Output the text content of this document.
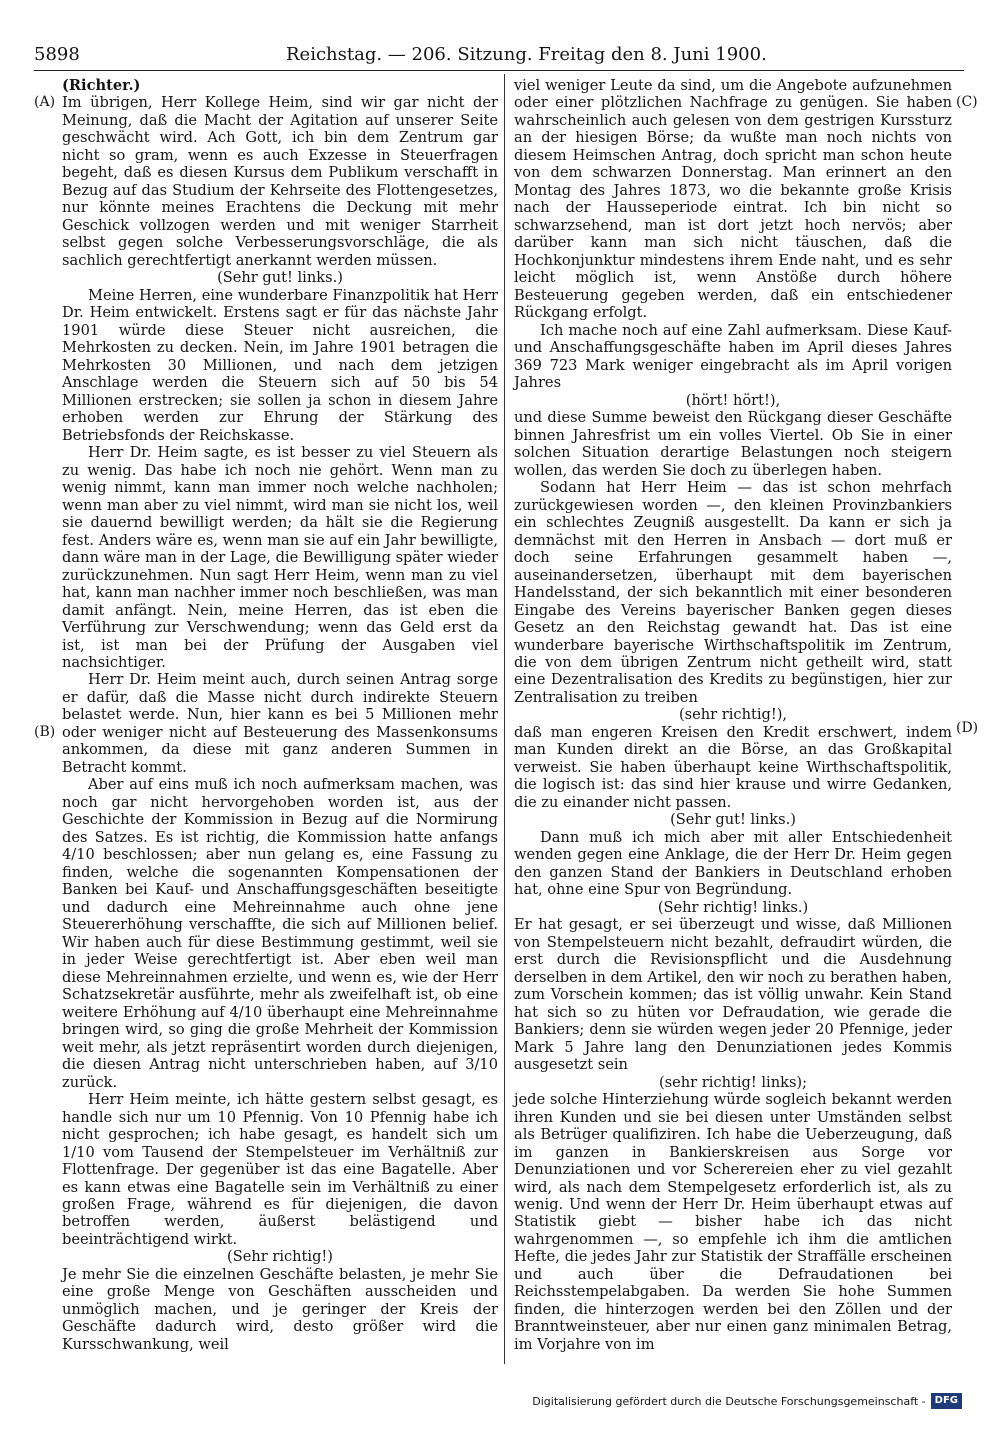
5898	Reichstag. — 206. Sitzung. Freitag den 8. Juni 1900.
(A)
(B)
(C)
(D)

(Richter.)

Im übrigen, Herr Kollege Heim, sind wir gar nicht der Meinung, daß die Macht der Agitation auf unserer Seite geschwächt wird. Ach Gott, ich bin dem Zentrum gar nicht so gram, wenn es auch Exzesse in Steuerfragen begeht, daß es diesen Kursus dem Publikum verschafft in Bezug auf das Studium der Kehrseite des Flottengesetzes, nur könnte meines Erachtens die Deckung mit mehr Geschick vollzogen werden und mit weniger Starrheit selbst gegen solche Verbesserungsvorschläge, die als sachlich gerechtfertigt anerkannt werden müssen.

(Sehr gut! links.)

Meine Herren, eine wunderbare Finanzpolitik hat Herr Dr. Heim entwickelt. Erstens sagt er für das nächste Jahr 1901 würde diese Steuer nicht ausreichen, die Mehrkosten zu decken. Nein, im Jahre 1901 betragen die Mehrkosten 30 Millionen, und nach dem jetzigen Anschlage werden die Steuern sich auf 50 bis 54 Millionen erstrecken; sie sollen ja schon in diesem Jahre erhoben werden zur Ehrung der Stärkung des Betriebsfonds der Reichskasse.

Herr Dr. Heim sagte, es ist besser zu viel Steuern als zu wenig. Das habe ich noch nie gehört. Wenn man zu wenig nimmt, kann man immer noch welche nachholen; wenn man aber zu viel nimmt, wird man sie nicht los, weil sie dauernd bewilligt werden; da hält sie die Regierung fest. Anders wäre es, wenn man sie auf ein Jahr bewilligte, dann wäre man in der Lage, die Bewilligung später wieder zurückzunehmen. Nun sagt Herr Heim, wenn man zu viel hat, kann man nachher immer noch beschließen, was man damit anfängt. Nein, meine Herren, das ist eben die Verführung zur Verschwendung; wenn das Geld erst da ist, ist man bei der Prüfung der Ausgaben viel nachsichtiger.

Herr Dr. Heim meint auch, durch seinen Antrag sorge er dafür, daß die Masse nicht durch indirekte Steuern belastet werde. Nun, hier kann es bei 5 Millionen mehr oder weniger nicht auf Besteuerung des Massenkonsums ankommen, da diese mit ganz anderen Summen in Betracht kommt.

Aber auf eins muß ich noch aufmerksam machen, was noch gar nicht hervorgehoben worden ist, aus der Geschichte der Kommission in Bezug auf die Normirung des Satzes. Es ist richtig, die Kommission hatte anfangs 4/10 beschlossen; aber nun gelang es, eine Fassung zu finden, welche die sogenannten Kompensationen der Banken bei Kauf- und Anschaffungsgeschäften beseitigte und dadurch eine Mehreinnahme auch ohne jene Steuererhöhung verschaffte, die sich auf Millionen belief. Wir haben auch für diese Bestimmung gestimmt, weil sie in jeder Weise gerechtfertigt ist. Aber eben weil man diese Mehreinnahmen erzielte, und wenn es, wie der Herr Schatzsekretär ausführte, mehr als zweifelhaft ist, ob eine weitere Erhöhung auf 4/10 überhaupt eine Mehreinnahme bringen wird, so ging die große Mehrheit der Kommission weit mehr, als jetzt repräsentirt worden durch diejenigen, die diesen Antrag nicht unterschrieben haben, auf 3/10 zurück.

Herr Heim meinte, ich hätte gestern selbst gesagt, es handle sich nur um 10 Pfennig. Von 10 Pfennig habe ich nicht gesprochen; ich habe gesagt, es handelt sich um 1/10 vom Tausend der Stempelsteuer im Verhältniß zur Flottenfrage. Der gegenüber ist das eine Bagatelle. Aber es kann etwas eine Bagatelle sein im Verhältniß zu einer großen Frage, während es für diejenigen, die davon betroffen werden, äußerst belästigend und beeinträchtigend wirkt.

(Sehr richtig!)

Je mehr Sie die einzelnen Geschäfte belasten, je mehr Sie eine große Menge von Geschäften ausscheiden und unmöglich machen, und je geringer der Kreis der Geschäfte dadurch wird, desto größer wird die Kursschwankung, weil

viel weniger Leute da sind, um die Angebote aufzunehmen oder einer plötzlichen Nachfrage zu genügen. Sie haben wahrscheinlich auch gelesen von dem gestrigen Kurssturz an der hiesigen Börse; da wußte man noch nichts von diesem Heimschen Antrag, doch spricht man schon heute von dem schwarzen Donnerstag. Man erinnert an den Montag des Jahres 1873, wo die bekannte große Krisis nach der Hausseperiode eintrat. Ich bin nicht so schwarzsehend, man ist dort jetzt hoch nervös; aber darüber kann man sich nicht täuschen, daß die Hochkonjunktur mindestens ihrem Ende naht, und es sehr leicht möglich ist, wenn Anstöße durch höhere Besteuerung gegeben werden, daß ein entschiedener Rückgang erfolgt.

Ich mache noch auf eine Zahl aufmerksam. Diese Kauf- und Anschaffungsgeschäfte haben im April dieses Jahres 369 723 Mark weniger eingebracht als im April vorigen Jahres

(hört! hört!),

und diese Summe beweist den Rückgang dieser Geschäfte binnen Jahresfrist um ein volles Viertel. Ob Sie in einer solchen Situation derartige Belastungen noch steigern wollen, das werden Sie doch zu überlegen haben.

Sodann hat Herr Heim — das ist schon mehrfach zurückgewiesen worden —, den kleinen Provinzbankiers ein schlechtes Zeugniß ausgestellt. Da kann er sich ja demnächst mit den Herren in Ansbach — dort muß er doch seine Erfahrungen gesammelt haben —, auseinandersetzen, überhaupt mit dem bayerischen Handelsstand, der sich bekanntlich mit einer besonderen Eingabe des Vereins bayerischer Banken gegen dieses Gesetz an den Reichstag gewandt hat. Das ist eine wunderbare bayerische Wirthschaftspolitik im Zentrum, die von dem übrigen Zentrum nicht getheilt wird, statt eine Dezentralisation des Kredits zu begünstigen, hier zur Zentralisation zu treiben

(sehr richtig!),

daß man engeren Kreisen den Kredit erschwert, indem man Kunden direkt an die Börse, an das Großkapital verweist. Sie haben überhaupt keine Wirthschaftspolitik, die logisch ist: das sind hier krause und wirre Gedanken, die zu einander nicht passen.

(Sehr gut! links.)

Dann muß ich mich aber mit aller Entschiedenheit wenden gegen eine Anklage, die der Herr Dr. Heim gegen den ganzen Stand der Bankiers in Deutschland erhoben hat, ohne eine Spur von Begründung.

(Sehr richtig! links.)

Er hat gesagt, er sei überzeugt und wisse, daß Millionen von Stempelsteuern nicht bezahlt, defraudirt würden, die erst durch die Revisionspflicht und die Ausdehnung derselben in dem Artikel, den wir noch zu berathen haben, zum Vorschein kommen; das ist völlig unwahr. Kein Stand hat sich so zu hüten vor Defraudation, wie gerade die Bankiers; denn sie würden wegen jeder 20 Pfennige, jeder Mark 5 Jahre lang den Denunziationen jedes Kommis ausgesetzt sein

(sehr richtig! links);

jede solche Hinterziehung würde sogleich bekannt werden ihren Kunden und sie bei diesen unter Umständen selbst als Betrüger qualifiziren. Ich habe die Ueberzeugung, daß im ganzen in Bankierskreisen aus Sorge vor Denunziationen und vor Scherereien eher zu viel gezahlt wird, als nach dem Stempelgesetz erforderlich ist, als zu wenig. Und wenn der Herr Dr. Heim überhaupt etwas auf Statistik giebt — bisher habe ich das nicht wahrgenommen —, so empfehle ich ihm die amtlichen Hefte, die jedes Jahr zur Statistik der Straffälle erscheinen und auch über die Defraudationen bei Reichsstempelabgaben. Da werden Sie hohe Summen finden, die hinterzogen werden bei den Zöllen und der Branntweinsteuer, aber nur einen ganz minimalen Betrag, im Vorjahre von im

Digitalisierung gefördert durch die Deutsche Forschungsgemeinschaft - DFG
